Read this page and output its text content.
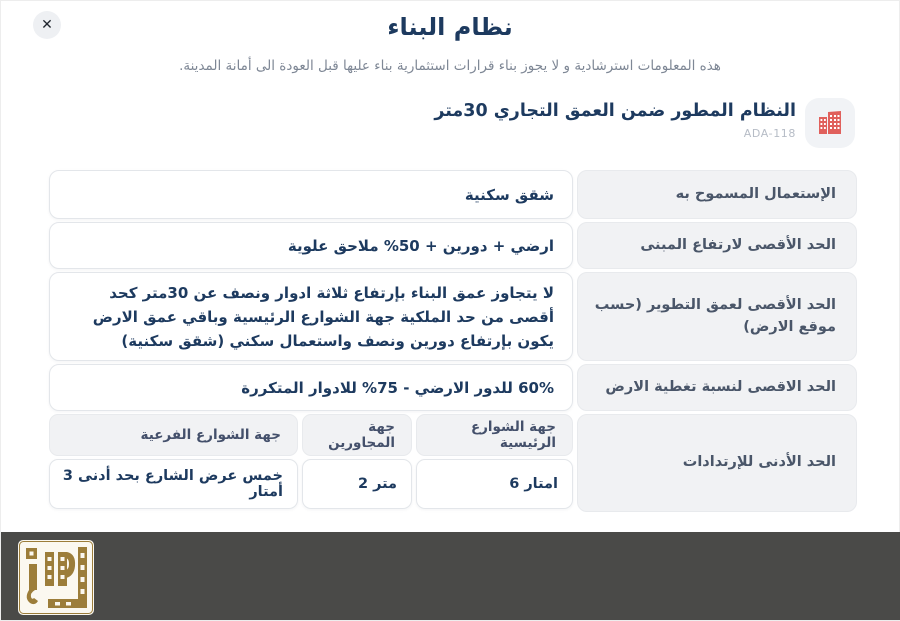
✕	نظام البناء
هذه المعلومات استرشادية و لا يجوز بناء قرارات استثمارية بناء عليها قبل العودة الى أمانة المدينة.
النظام المطور ضمن العمق التجاري 30متر
ADA-118
الإستعمال المسموح به
شقق سكنية
الحد الأقصى لارتفاع المبنى
ارضي + دورين + 50% ملاحق علوية
الحد الأقصى لعمق التطوير (حسب موقع الارض)
لا يتجاوز عمق البناء بإرتفاع ثلاثة ادوار ونصف عن 30متر كحد أقصى من حد الملكية جهة الشوارع الرئيسية وباقي عمق الارض يكون بإرتفاع دورين ونصف واستعمال سكني (شقق سكنية)
الحد الاقصى لنسبة تغطية الارض
60% للدور الارضي - 75% للادوار المتكررة
الحد الأدنى للإرتدادات
جهة الشوارع الرئيسية
جهة المجاورين
جهة الشوارع الفرعية
6 امتار
2 متر
خمس عرض الشارع بحد أدنى 3 أمتار
